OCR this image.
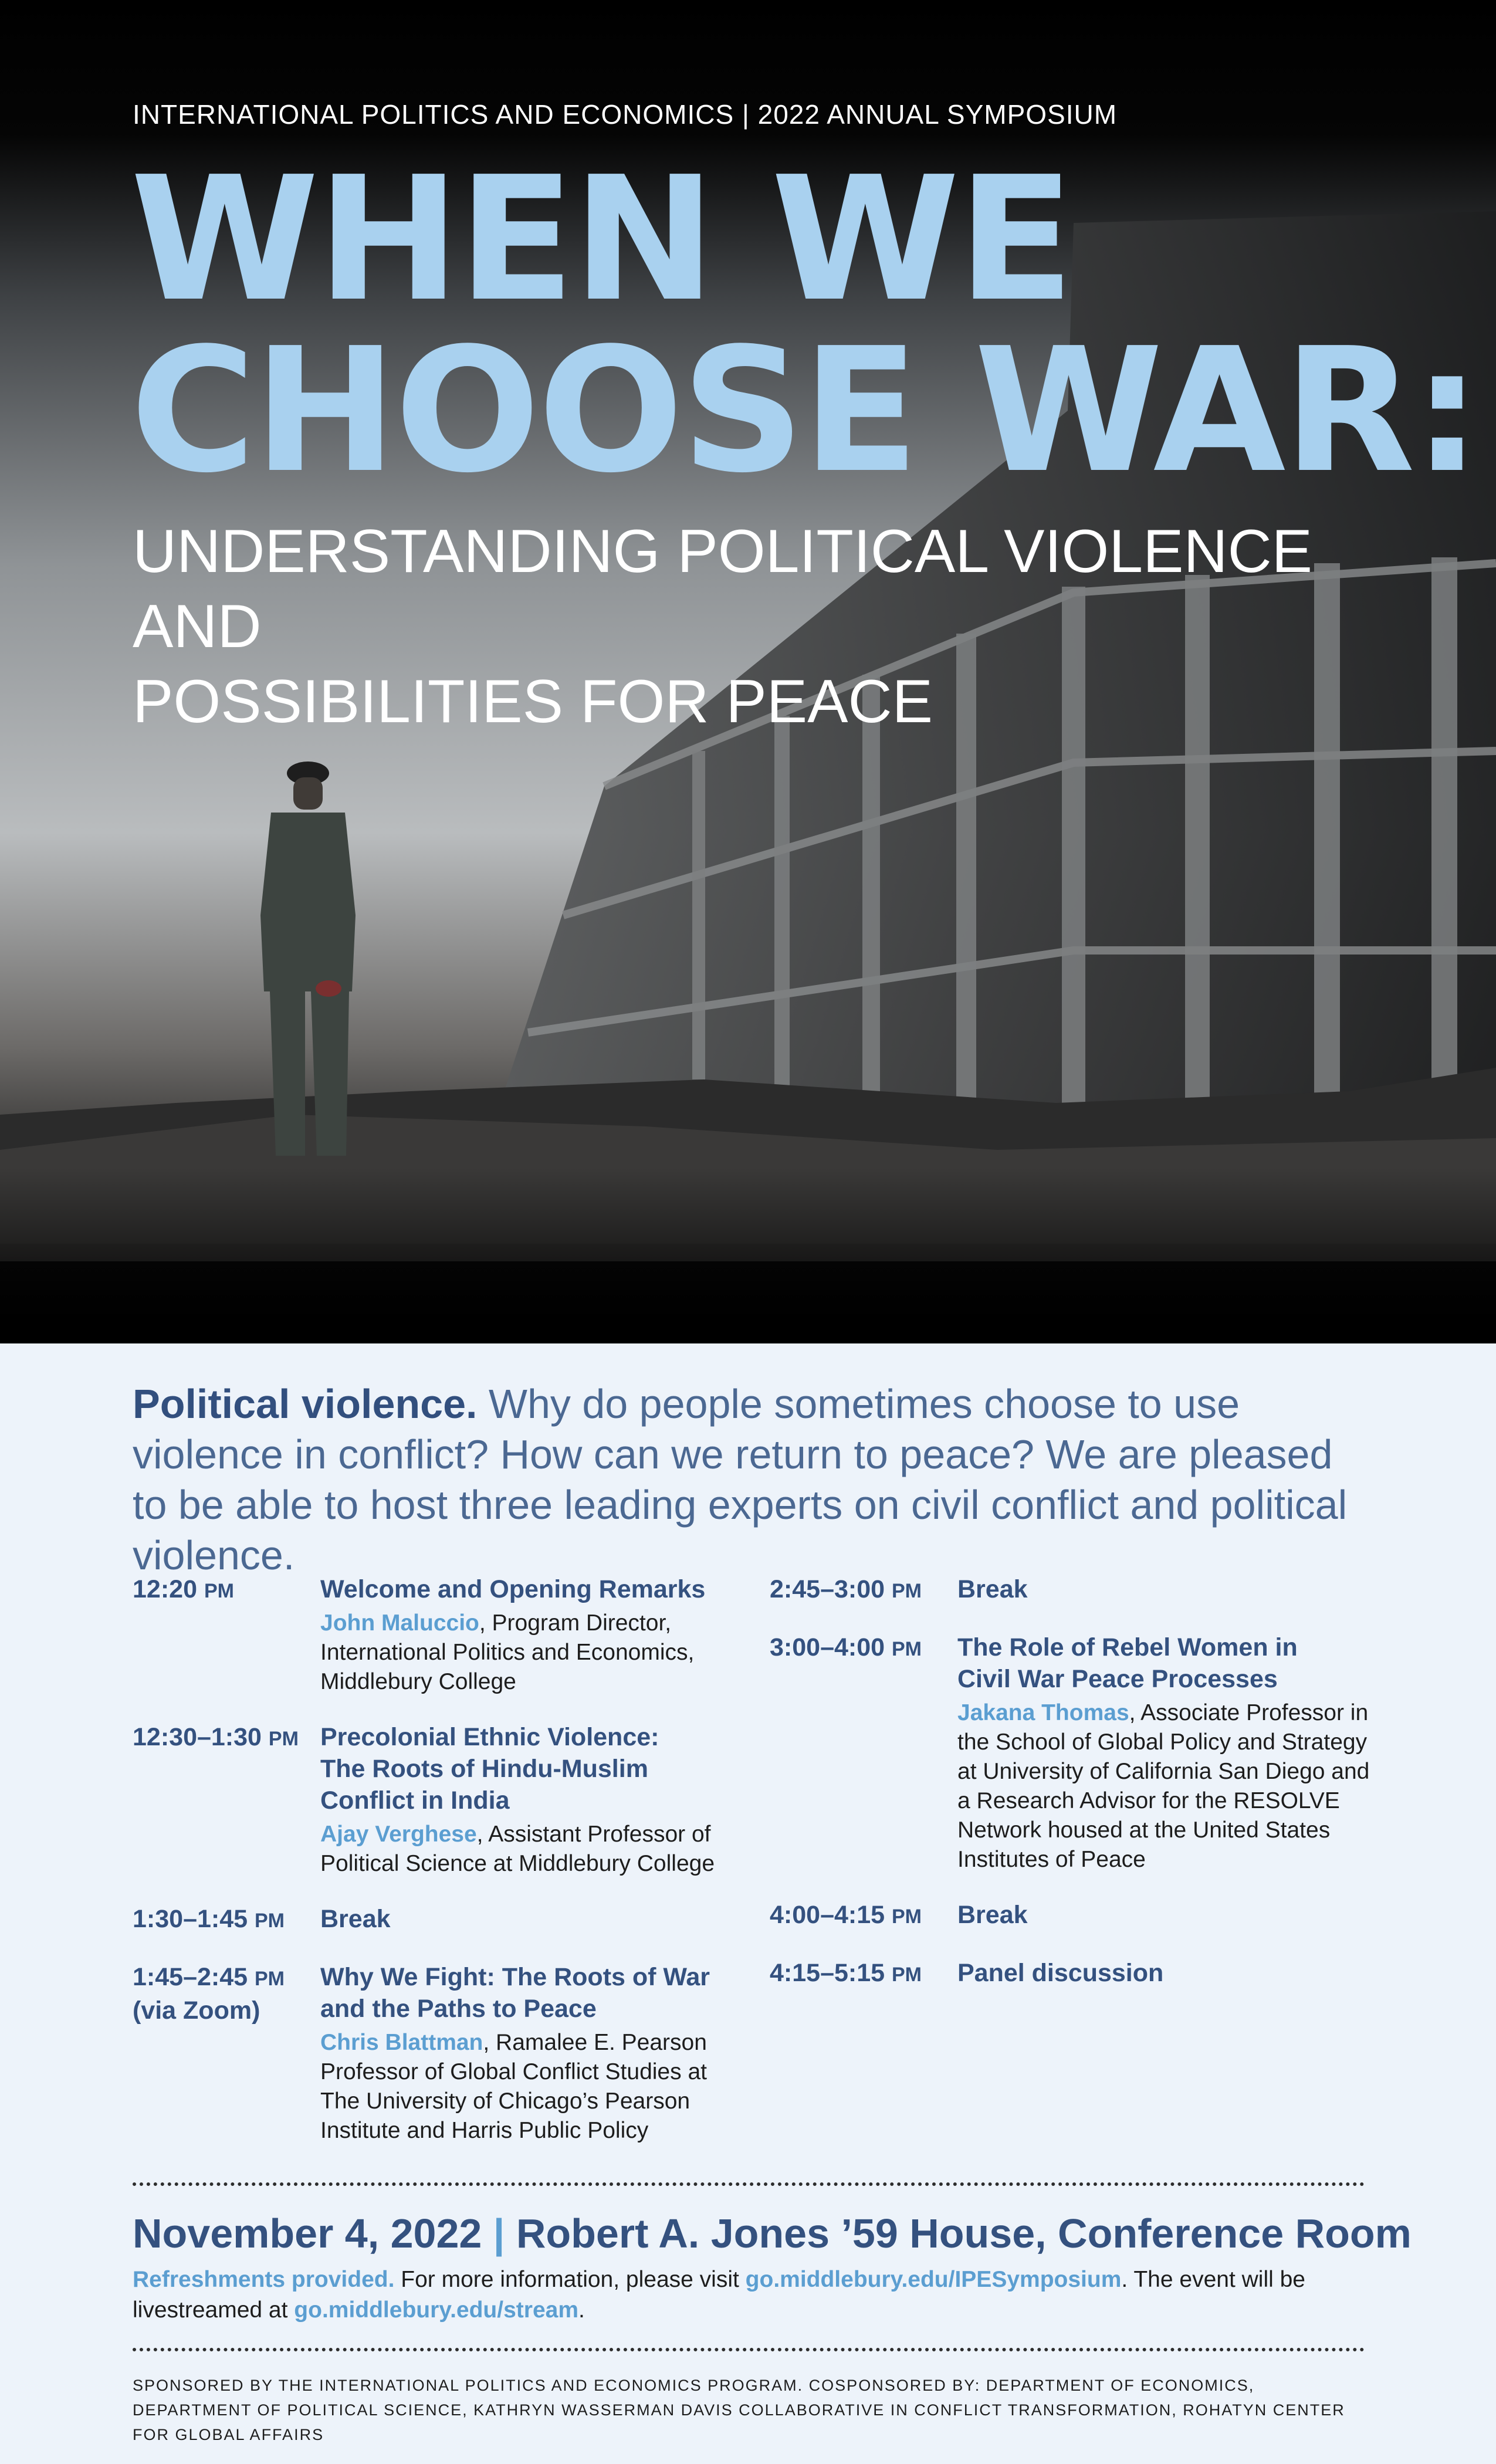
INTERNATIONAL POLITICS AND ECONOMICS | 2022 ANNUAL SYMPOSIUM
WHEN WE
CHOOSE WAR:
UNDERSTANDING POLITICAL VIOLENCE AND
POSSIBILITIES FOR PEACE

Political violence. Why do people sometimes choose to use violence in conflict? How can we return to peace? We are pleased to be able to host three leading experts on civil conflict and political violence.

12:20 PM	Welcome and Opening Remarks
John Maluccio, Program Director, International Politics and Economics, Middlebury College
12:30–1:30 PM Precolonial Ethnic Violence:
The Roots of Hindu-Muslim
Conflict in India
Ajay Verghese, Assistant Professor of Political Science at Middlebury College
1:30–1:45 PM	Break
1:45–2:45 PM
(via Zoom)
Why We Fight: The Roots of War
and the Paths to Peace
Chris Blattman, Ramalee E. Pearson Professor of Global Conflict Studies at The University of Chicago’s Pearson Institute and Harris Public Policy
2:45–3:00 PM	Break
3:00–4:00 PM	The Role of Rebel Women in
Civil War Peace Processes
Jakana Thomas, Associate Professor in the School of Global Policy and Strategy at University of California San Diego and a Research Advisor for the RESOLVE Network housed at the United States Institutes of Peace
4:00–4:15 PM	Break
4:15–5:15 PM	Panel discussion
November 4, 2022 | Robert A. Jones ’59 House, Conference Room
Refreshments provided. For more information, please visit go.middlebury.edu/IPESymposium. The event will be livestreamed at go.middlebury.edu/stream.
SPONSORED BY THE INTERNATIONAL POLITICS AND ECONOMICS PROGRAM. COSPONSORED BY: DEPARTMENT OF ECONOMICS, DEPARTMENT OF POLITICAL SCIENCE, KATHRYN WASSERMAN DAVIS COLLABORATIVE IN CONFLICT TRANSFORMATION, ROHATYN CENTER FOR GLOBAL AFFAIRS
